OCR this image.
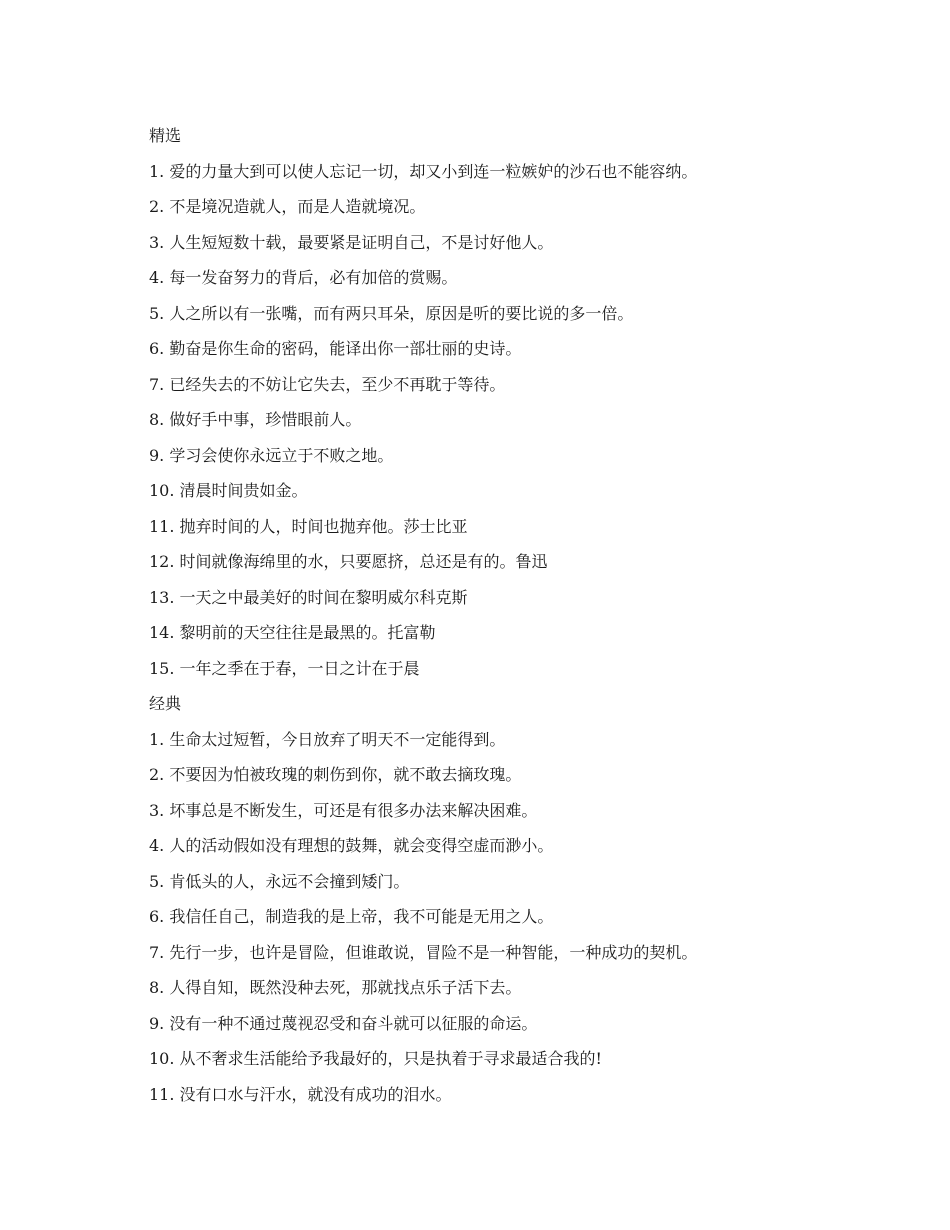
精选
1. 爱的力量大到可以使人忘记一切，却又小到连一粒嫉妒的沙石也不能容纳。
2. 不是境况造就人，而是人造就境况。
3. 人生短短数十载，最要紧是证明自己，不是讨好他人。
4. 每一发奋努力的背后，必有加倍的赏赐。
5. 人之所以有一张嘴，而有两只耳朵，原因是听的要比说的多一倍。
6. 勤奋是你生命的密码，能译出你一部壮丽的史诗。
7. 已经失去的不妨让它失去，至少不再耽于等待。
8. 做好手中事，珍惜眼前人。
9. 学习会使你永远立于不败之地。
10. 清晨时间贵如金。
11. 抛弃时间的人，时间也抛弃他。莎士比亚
12. 时间就像海绵里的水，只要愿挤，总还是有的。鲁迅
13. 一天之中最美好的时间在黎明威尔科克斯
14. 黎明前的天空往往是最黑的。托富勒
15. 一年之季在于春，一日之计在于晨
经典
1. 生命太过短暂，今日放弃了明天不一定能得到。
2. 不要因为怕被玫瑰的刺伤到你，就不敢去摘玫瑰。
3. 坏事总是不断发生，可还是有很多办法来解决困难。
4. 人的活动假如没有理想的鼓舞，就会变得空虚而渺小。
5. 肯低头的人，永远不会撞到矮门。
6. 我信任自己，制造我的是上帝，我不可能是无用之人。
7. 先行一步，也许是冒险，但谁敢说，冒险不是一种智能，一种成功的契机。
8. 人得自知，既然没种去死，那就找点乐子活下去。
9. 没有一种不通过蔑视忍受和奋斗就可以征服的命运。
10. 从不奢求生活能给予我最好的，只是执着于寻求最适合我的!
11. 没有口水与汗水，就没有成功的泪水。
